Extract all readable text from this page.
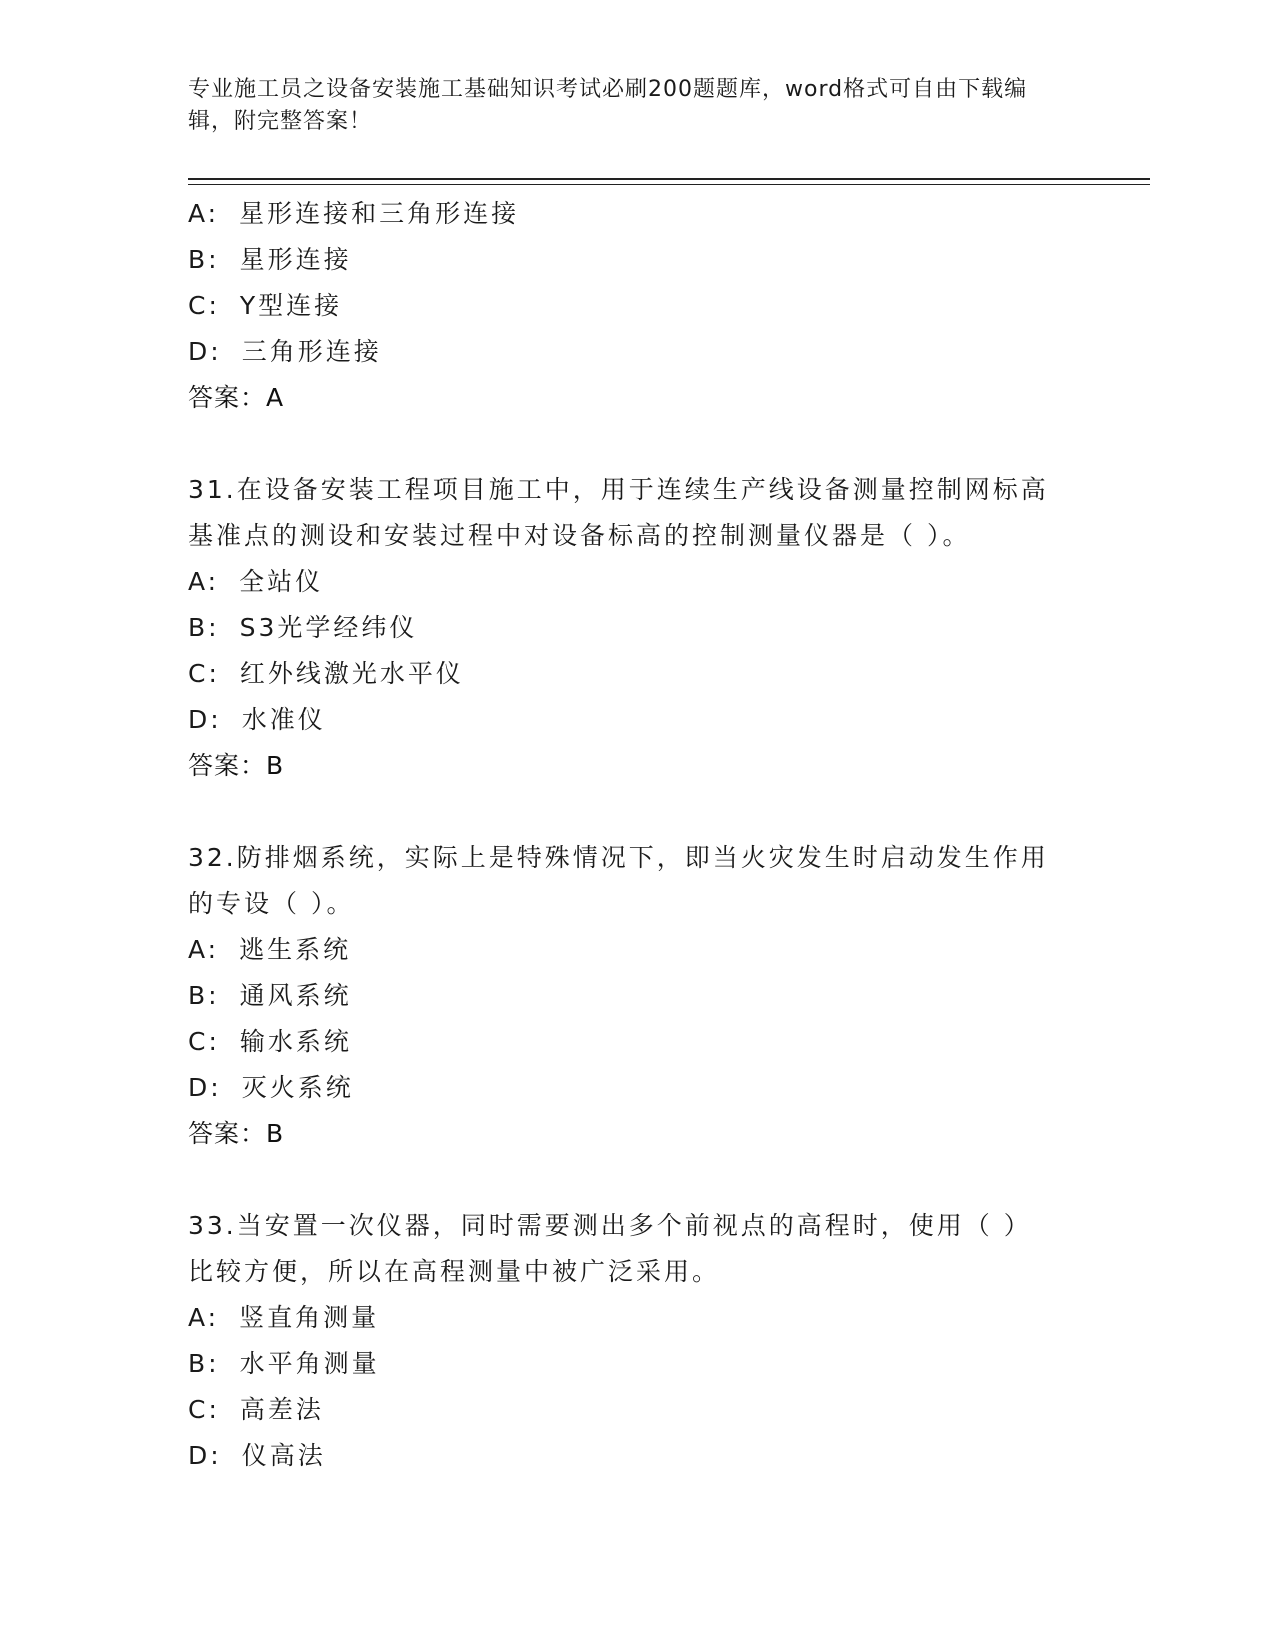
专业施工员之设备安装施工基础知识考试必刷200题题库，word格式可自由下载编辑，附完整答案！
A: 星形连接和三角形连接
B: 星形连接
C: Y型连接
D: 三角形连接
答案：A
31.在设备安装工程项目施工中，用于连续生产线设备测量控制网标高
基准点的测设和安装过程中对设备标高的控制测量仪器是（ ）。
A: 全站仪
B: S3光学经纬仪
C: 红外线激光水平仪
D: 水准仪
答案：B
32.防排烟系统，实际上是特殊情况下，即当火灾发生时启动发生作用
的专设（ ）。
A: 逃生系统
B: 通风系统
C: 输水系统
D: 灭火系统
答案：B
33.当安置一次仪器，同时需要测出多个前视点的高程时，使用（ ）
比较方便，所以在高程测量中被广泛采用。
A: 竖直角测量
B: 水平角测量
C: 高差法
D: 仪高法
